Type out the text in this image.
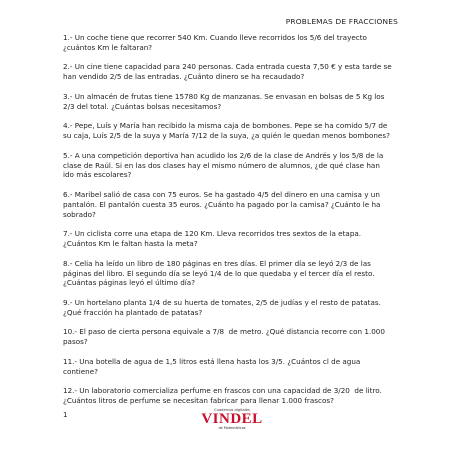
PROBLEMAS DE FRACCIONES

1.- Un coche tiene que recorrer 540 Km. Cuando lleve recorridos los 5/6 del trayecto ¿cuántos Km le faltaran?

2.- Un cine tiene capacidad para 240 personas. Cada entrada cuesta 7,50 € y esta tarde se han vendido 2/5 de las entradas. ¿Cuánto dinero se ha recaudado?

3.- Un almacén de frutas tiene 15780 Kg de manzanas. Se envasan en bolsas de 5 Kg los 2/3 del total. ¿Cuántas bolsas necesitamos?

4.- Pepe, Luís y María han recibido la misma caja de bombones. Pepe se ha comido 5/7 de su caja, Luís 2/5 de la suya y María 7/12 de la suya, ¿a quién le quedan menos bombones?

5.- A una competición deportiva han acudido los 2/6 de la clase de Andrés y los 5/8 de la clase de Raúl. Si en las dos clases hay el mismo número de alumnos, ¿de qué clase han ido más escolares?

6.- Maribel salió de casa con 75 euros. Se ha gastado 4/5 del dinero en una camisa y un pantalón. El pantalón cuesta 35 euros. ¿Cuánto ha pagado por la camisa? ¿Cuánto le ha sobrado?

7.- Un ciclista corre una etapa de 120 Km. Lleva recorridos tres sextos de la etapa. ¿Cuántos Km le faltan hasta la meta?

8.- Celia ha leído un libro de 180 páginas en tres días. El primer día se leyó 2/3 de las páginas del libro. El segundo día se leyó 1/4 de lo que quedaba y el tercer día el resto. ¿Cuántas páginas leyó el último día?

9.- Un hortelano planta 1/4 de su huerta de tomates, 2/5 de judías y el resto de patatas. ¿Qué fracción ha plantado de patatas?

10.- El paso de cierta persona equivale a 7/8  de metro. ¿Qué distancia recorre con 1.000 pasos?

11.- Una botella de agua de 1,5 litros está llena hasta los 3/5. ¿Cuántos cl de agua contiene?

12.- Un laboratorio comercializa perfume en frascos con una capacidad de 3/20  de litro. ¿Cuántos litros de perfume se necesitan fabricar para llenar 1.000 frascos?

1
Cuadernos digitales
VINDEL
de Matemáticas
